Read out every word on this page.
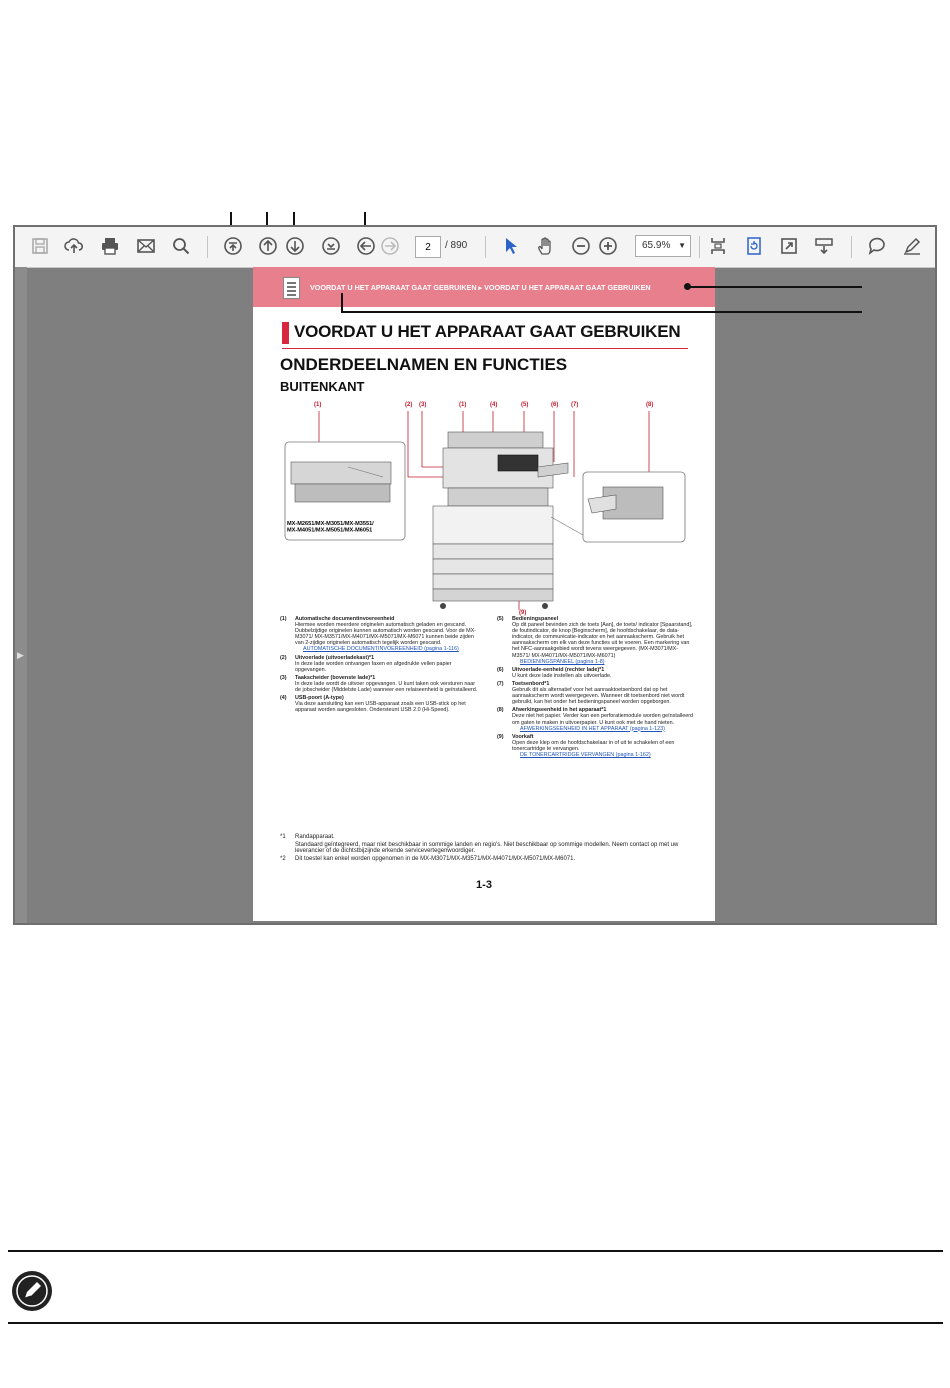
2
/ 890	65.9% ▼
▶
VOORDAT U HET APPARAAT GAAT GEBRUIKEN ▸ VOORDAT U HET APPARAAT GAAT GEBRUIKEN
VOORDAT U HET APPARAAT GAAT GEBRUIKEN
ONDERDEELNAMEN EN FUNCTIES
BUITENKANT
(1)	(2) (3)	(1)	(4)	(5)	(6) (7)	(8)
(9)
MX-M2651/MX-M3051/MX-M3551/ MX-M4051/MX-M5051/MX-M6051
(1)	Automatische documentinvoereenheid
Hiermee worden meerdere originelen automatisch geladen en gescand. Dubbelzijdige originelen kunnen automatisch worden gescand. Voor de MX-M3071/ MX-M3571/MX-M4071/MX-M5071/MX-M6071 kunnen beide zijden van 2-zijdige originelen automatisch tegelijk worden gescand.
AUTOMATISCHE DOCUMENTINVOEREENHEID (pagina 1-116)
(2)	Uitvoerlade (uitvoerladekast)*1
In deze lade worden ontvangen faxen en afgedrukte vellen papier opgevangen.
(3)	Taakscheider (bovenste lade)*1
In deze lade wordt de uitvoer opgevangen. U kunt taken ook versturen naar de jobscheider (Middelste Lade) wanneer een relaiseenheid is geïnstalleerd.
(4)	USB-poort (A-type)
Via deze aansluiting kan een USB-apparaat zoals een USB-stick op het apparaat worden aangesloten. Ondersteunt USB 2.0 (Hi-Speed).
(5)	Bedieningspaneel
Op dit paneel bevinden zich de toets [Aan], de toets/ indicator [Spaarstand], de foutindicator, de knop [Beginscherm], de hoofdschakelaar, de data-indicator, de communicatie-indicator en het aanraakscherm. Gebruik het aanraakscherm om elk van deze functies uit te voeren. Een markering van het NFC-aanraakgebied wordt tevens weergegeven. (MX-M3071/MX-M3571/ MX-M4071/MX-M5071/MX-M6071)
BEDIENINGSPANEEL (pagina 1-8)
(6)	Uitvoerlade-eenheid (rechter lade)*1
U kunt deze lade instellen als uitvoerlade.
(7)	Toetsenbord*1
Gebruik dit als alternatief voor het aanraaktoetsenbord dat op het aanraakscherm wordt weergegeven. Wanneer dit toetsenbord niet wordt gebruikt, kan het onder het bedieningspaneel worden opgeborgen.
(8)	Afwerkingseenheid in het apparaat*1
Deze niet het papier. Verder kan een perforatiemodule worden geïnstalleerd om gaten te maken in uitvoerpapier. U kunt ook met de hand nieten.
AFWERKINGSEENHEID IN HET APPARAAT (pagina 1-123)
(9)	Voorkaft
Open deze klep om de hoofdschakelaar in of uit te schakelen of een tonercartridge te vervangen.
DE TONERCARTRIDGE VERVANGEN (pagina 1-162)
*1	Randapparaat.
Standaard geïntegreerd, maar niet beschikbaar in sommige landen en regio's. Niet beschikbaar op sommige modellen. Neem contact op met uw leverancier of de dichtstbijzijnde erkende servicevertegenwoordiger.
*2	Dit toestel kan enkel worden opgenomen in de MX-M3071/MX-M3571/MX-M4071/MX-M5071/MX-M6071.
1-3
